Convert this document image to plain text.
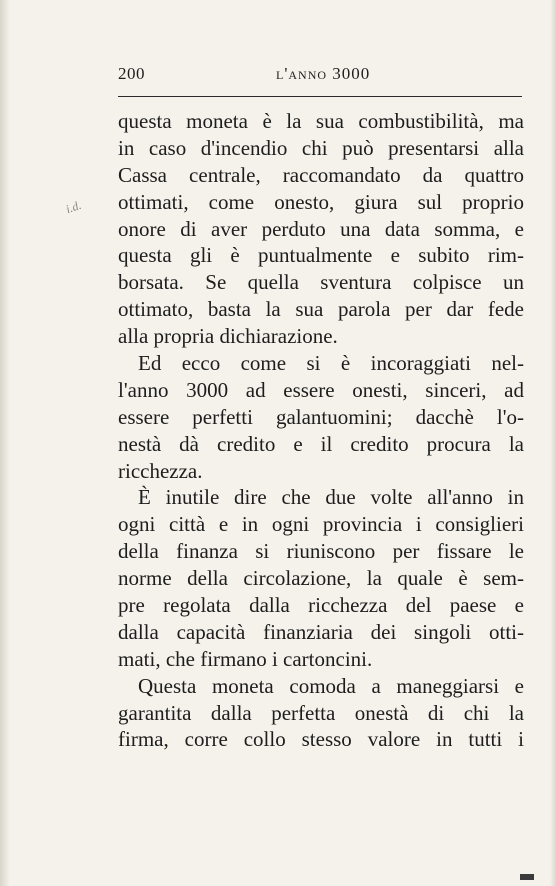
200	l'anno 3000
i.d.
questa moneta è la sua combustibilità, ma
in caso d'incendio chi può presentarsi alla
Cassa centrale, raccomandato da quattro
ottimati, come onesto, giura sul proprio
onore di aver perduto una data somma, e
questa gli è puntualmente e subito rim-
borsata. Se quella sventura colpisce un
ottimato, basta la sua parola per dar fede
alla propria dichiarazione.
Ed ecco come si è incoraggiati nel-
l'anno 3000 ad essere onesti, sinceri, ad
essere perfetti galantuomini; dacchè l'o-
nestà dà credito e il credito procura la
ricchezza.
È inutile dire che due volte all'anno in
ogni città e in ogni provincia i consiglieri
della finanza si riuniscono per fissare le
norme della circolazione, la quale è sem-
pre regolata dalla ricchezza del paese e
dalla capacità finanziaria dei singoli otti-
mati, che firmano i cartoncini.
Questa moneta comoda a maneggiarsi e
garantita dalla perfetta onestà di chi la
firma, corre collo stesso valore in tutti i
